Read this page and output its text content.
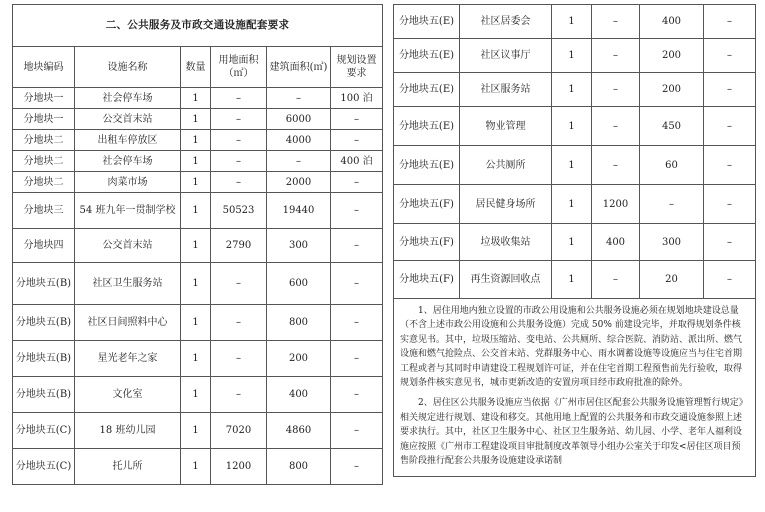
二、公共服务及市政交通设施配套要求					
地块编码	设施名称	数量	用地面积（㎡）	建筑面积(㎡)	规划设置要求
分地块一	社会停车场	1	–	–	100 泊
分地块一	公交首末站	1	–	6000	–
分地块二	出租车停放区	1	–	4000	–
分地块二	社会停车场	1	–	–	400 泊
分地块二	肉菜市场	1	–	2000	–
分地块三	54 班九年一贯制学校	1	50523	19440	–
分地块四	公交首末站	1	2790	300	–
分地块五(B)	社区卫生服务站	1	–	600	–
分地块五(B)	社区日间照料中心	1	–	800	–
分地块五(B)	星光老年之家	1	–	200	–
分地块五(B)	文化室	1	–	400	–
分地块五(C)	18 班幼儿园	1	7020	4860	–
分地块五(C)	托儿所	1	1200	800	–
分地块五(E)	社区居委会	1	–	400	–
分地块五(E)	社区议事厅	1	–	200	–
分地块五(E)	社区服务站	1	–	200	–
分地块五(E)	物业管理	1	–	450	–
分地块五(E)	公共厕所	1	–	60	–
分地块五(F)	居民健身场所	1	1200	–	–
分地块五(F)	垃圾收集站	1	400	300	–
分地块五(F)	再生资源回收点	1	–	20	–

1、居住用地内独立设置的市政公用设施和公共服务设施必须在规划地块建设总量（不含上述市政公用设施和公共服务设施）完成 50% 前建设完毕，并取得规划条件核实意见书。其中，垃圾压缩站、变电站、公共厕所、综合医院、消防站、派出所、燃气设施和燃气抢险点、公交首末站、党群服务中心、雨水调蓄设施等设施应当与住宅首期工程或者与其同时申请建设工程规划许可证，并在住宅首期工程预售前先行验收，取得规划条件核实意见书，城市更新改造的安置房项目经市政府批准的除外。

2、居住区公共服务设施应当依据《广州市居住区配套公共服务设施管理暂行规定》相关规定进行规划、建设和移交。其他用地上配置的公共服务和市政交通设施参照上述要求执行。其中，社区卫生服务中心、社区卫生服务站、幼儿园、小学、老年人福利设施应按照《广州市工程建设项目审批制度改革领导小组办公室关于印发<居住区项目预售阶段推行配套公共服务设施建设承诺制					
